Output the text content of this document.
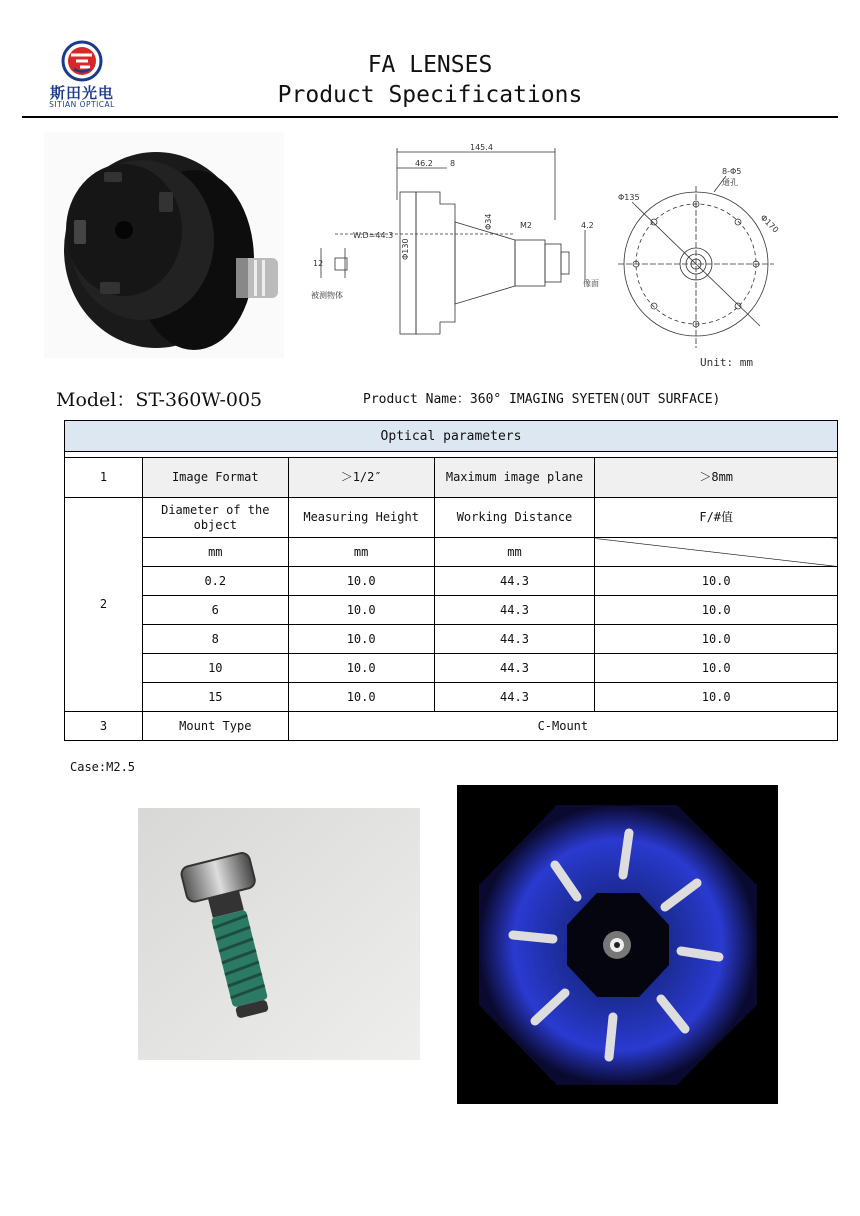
斯田光电
SITIAN OPTICAL
FA LENSES
Product Specifications
145.4
46.2 8
W.D=44.3
12
Φ130
Φ34	M2	4.2
被测物体
像面
8-Φ5
通孔
Φ135
Φ170
Unit: mm
Model：ST-360W-005	Product Name：360° IMAGING SYETEN(OUT SURFACE)
Optical parameters				

1	Image Format	＞1/2″	Maximum image plane	＞8mm
2	Diameter of the object	Measuring Height	Working Distance	F/#值
	mm	mm	mm	
	0.2	10.0	44.3	10.0
	6	10.0	44.3	10.0
	8	10.0	44.3	10.0
	10	10.0	44.3	10.0
	15	10.0	44.3	10.0
3	Mount Type	C-Mount		
Case:M2.5
